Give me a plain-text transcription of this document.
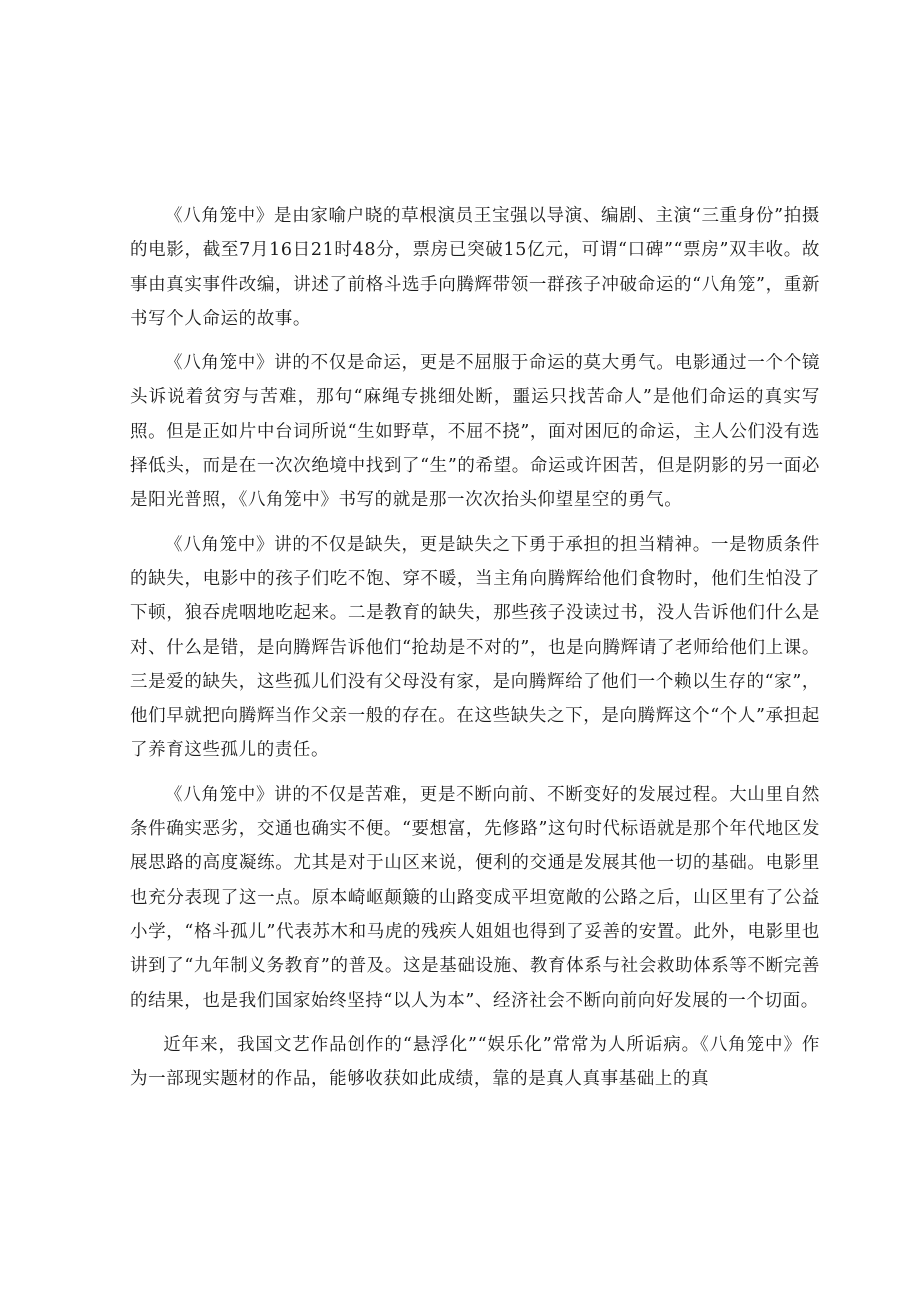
《八角笼中》是由家喻户晓的草根演员王宝强以导演、编剧、主演“三重身份”拍摄的电影，截至7月16日21时48分，票房已突破15亿元，可谓“口碑”“票房”双丰收。故事由真实事件改编，讲述了前格斗选手向腾辉带领一群孩子冲破命运的“八角笼”，重新书写个人命运的故事。

《八角笼中》讲的不仅是命运，更是不屈服于命运的莫大勇气。电影通过一个个镜头诉说着贫穷与苦难，那句“麻绳专挑细处断，噩运只找苦命人”是他们命运的真实写照。但是正如片中台词所说“生如野草，不屈不挠”，面对困厄的命运，主人公们没有选择低头，而是在一次次绝境中找到了“生”的希望。命运或许困苦，但是阴影的另一面必是阳光普照，《八角笼中》书写的就是那一次次抬头仰望星空的勇气。

《八角笼中》讲的不仅是缺失，更是缺失之下勇于承担的担当精神。一是物质条件的缺失，电影中的孩子们吃不饱、穿不暖，当主角向腾辉给他们食物时，他们生怕没了下顿，狼吞虎咽地吃起来。二是教育的缺失，那些孩子没读过书，没人告诉他们什么是对、什么是错，是向腾辉告诉他们“抢劫是不对的”，也是向腾辉请了老师给他们上课。三是爱的缺失，这些孤儿们没有父母没有家，是向腾辉给了他们一个赖以生存的“家”，他们早就把向腾辉当作父亲一般的存在。在这些缺失之下，是向腾辉这个“个人”承担起了养育这些孤儿的责任。

《八角笼中》讲的不仅是苦难，更是不断向前、不断变好的发展过程。大山里自然条件确实恶劣，交通也确实不便。“要想富，先修路”这句时代标语就是那个年代地区发展思路的高度凝练。尤其是对于山区来说，便利的交通是发展其他一切的基础。电影里也充分表现了这一点。原本崎岖颠簸的山路变成平坦宽敞的公路之后，山区里有了公益小学，“格斗孤儿”代表苏木和马虎的残疾人姐姐也得到了妥善的安置。此外，电影里也讲到了“九年制义务教育”的普及。这是基础设施、教育体系与社会救助体系等不断完善的结果，也是我们国家始终坚持“以人为本”、经济社会不断向前向好发展的一个切面。

近年来，我国文艺作品创作的“悬浮化”“娱乐化”常常为人所诟病。《八角笼中》作为一部现实题材的作品，能够收获如此成绩，靠的是真人真事基础上的真
